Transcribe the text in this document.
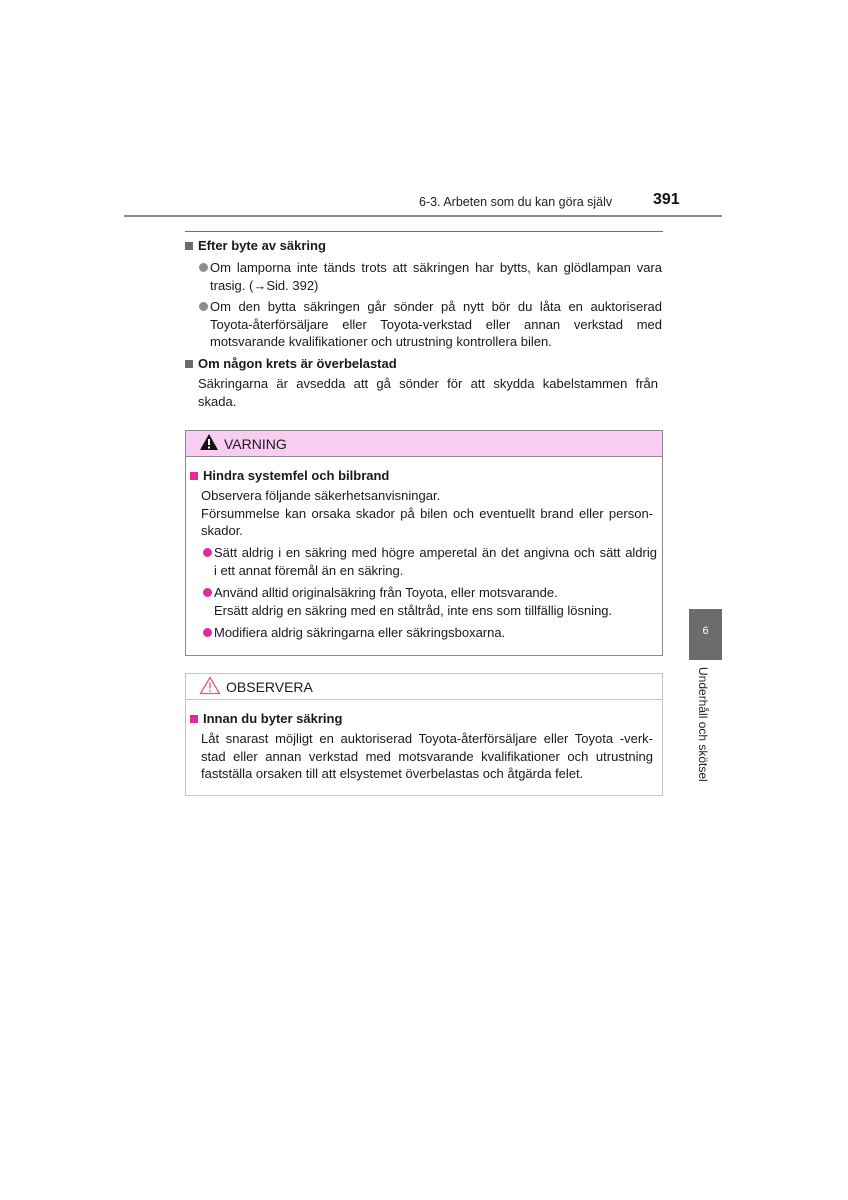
6-3. Arbeten som du kan göra själv	391
Efter byte av säkring
Om lamporna inte tänds trots att säkringen har bytts, kan glödlampan vara
trasig. (→Sid. 392)
Om den bytta säkringen går sönder på nytt bör du låta en auktoriserad
Toyota-återförsäljare eller Toyota-verkstad eller annan verkstad med
motsvarande kvalifikationer och utrustning kontrollera bilen.
Om någon krets är överbelastad
Säkringarna är avsedda att gå sönder för att skydda kabelstammen från
skada.
VARNING
Hindra systemfel och bilbrand
Observera följande säkerhetsanvisningar.
Försummelse kan orsaka skador på bilen och eventuellt brand eller person-
skador.
Sätt aldrig i en säkring med högre amperetal än det angivna och sätt aldrig
i ett annat föremål än en säkring.
Använd alltid originalsäkring från Toyota, eller motsvarande.
Ersätt aldrig en säkring med en ståltråd, inte ens som tillfällig lösning.
Modifiera aldrig säkringarna eller säkringsboxarna.
OBSERVERA
Innan du byter säkring
Låt snarast möjligt en auktoriserad Toyota-återförsäljare eller Toyota -verk-
stad eller annan verkstad med motsvarande kvalifikationer och utrustning
fastställa orsaken till att elsystemet överbelastas och åtgärda felet.
6
Underhåll och skötsel
